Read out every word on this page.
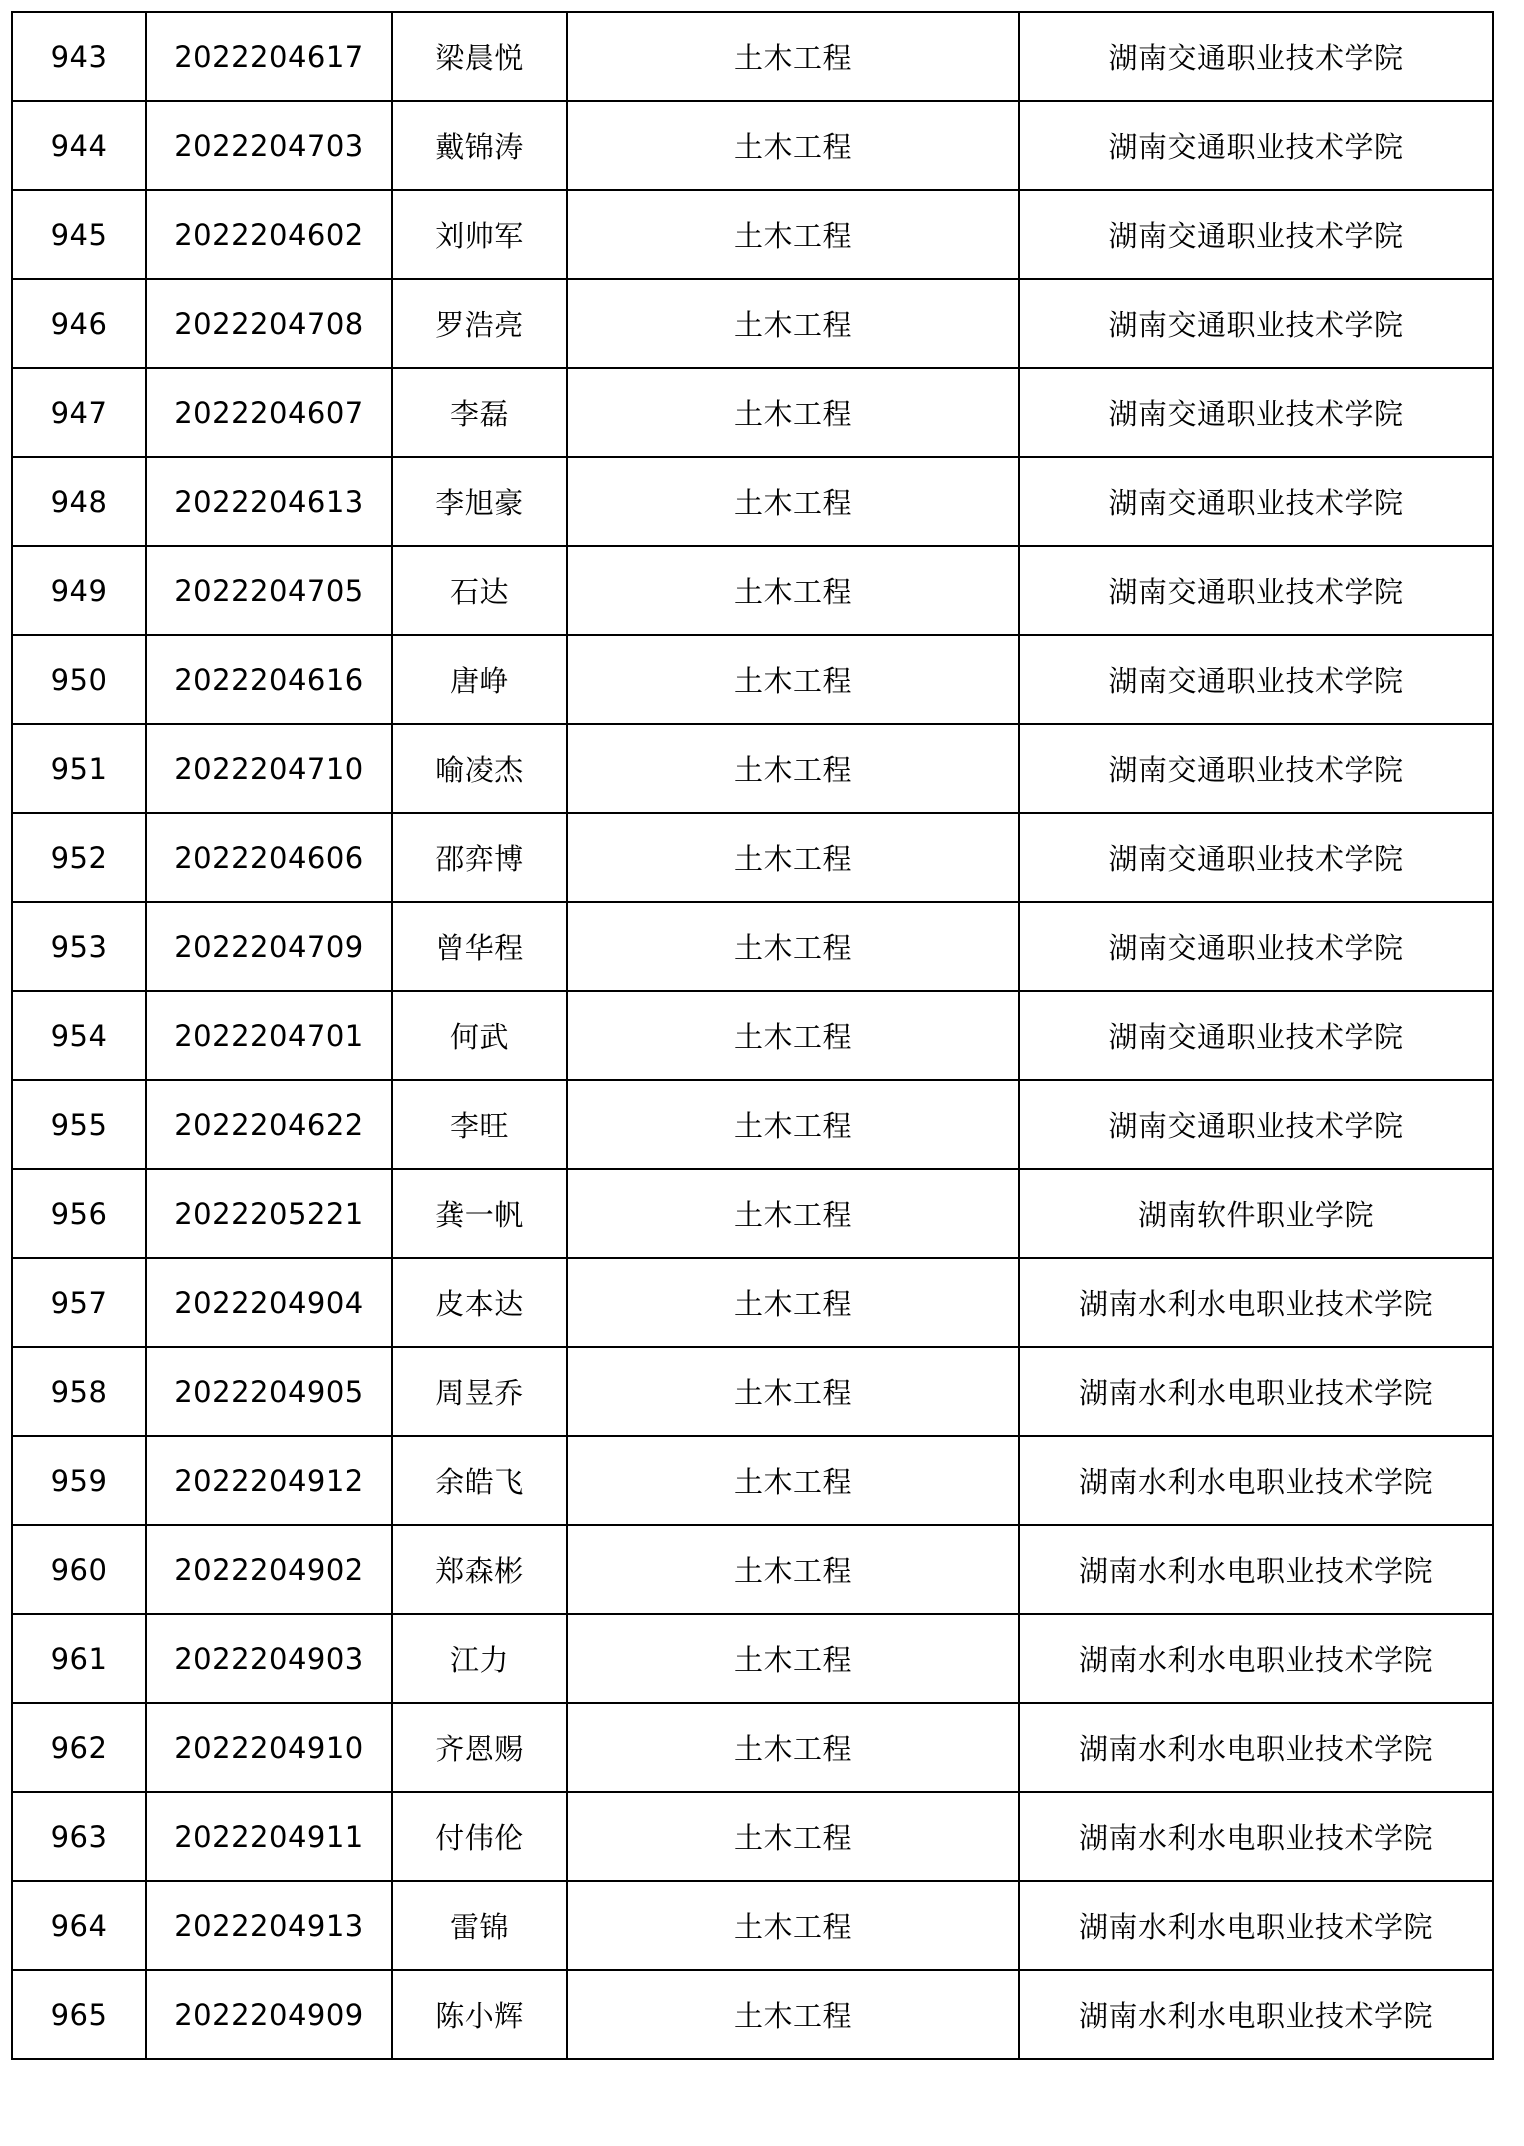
943	2022204617	梁晨悦	土木工程	湖南交通职业技术学院
944	2022204703	戴锦涛	土木工程	湖南交通职业技术学院
945	2022204602	刘帅军	土木工程	湖南交通职业技术学院
946	2022204708	罗浩亮	土木工程	湖南交通职业技术学院
947	2022204607	李磊	土木工程	湖南交通职业技术学院
948	2022204613	李旭豪	土木工程	湖南交通职业技术学院
949	2022204705	石达	土木工程	湖南交通职业技术学院
950	2022204616	唐峥	土木工程	湖南交通职业技术学院
951	2022204710	喻凌杰	土木工程	湖南交通职业技术学院
952	2022204606	邵弈博	土木工程	湖南交通职业技术学院
953	2022204709	曾华程	土木工程	湖南交通职业技术学院
954	2022204701	何武	土木工程	湖南交通职业技术学院
955	2022204622	李旺	土木工程	湖南交通职业技术学院
956	2022205221	龚一帆	土木工程	湖南软件职业学院
957	2022204904	皮本达	土木工程	湖南水利水电职业技术学院
958	2022204905	周昱乔	土木工程	湖南水利水电职业技术学院
959	2022204912	余皓飞	土木工程	湖南水利水电职业技术学院
960	2022204902	郑森彬	土木工程	湖南水利水电职业技术学院
961	2022204903	江力	土木工程	湖南水利水电职业技术学院
962	2022204910	齐恩赐	土木工程	湖南水利水电职业技术学院
963	2022204911	付伟伦	土木工程	湖南水利水电职业技术学院
964	2022204913	雷锦	土木工程	湖南水利水电职业技术学院
965	2022204909	陈小辉	土木工程	湖南水利水电职业技术学院
